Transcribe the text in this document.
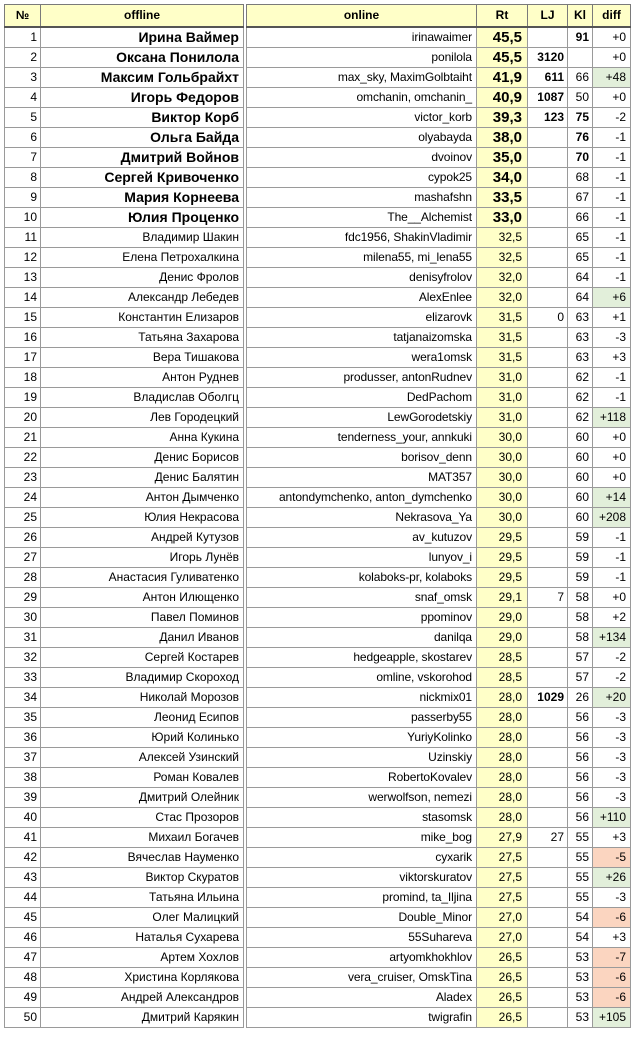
№	offline		online	Rt	LJ	Kl	diff
1	Ирина Ваймер		irinawaimer	45,5		91	+0
2	Оксана Понилола		ponilola	45,5	3120		+0
3	Максим Гольбрайхт		max_sky, MaximGolbtaiht	41,9	611	66	+48
4	Игорь Федоров		omchanin, omchanin_	40,9	1087	50	+0
5	Виктор Корб		victor_korb	39,3	123	75	-2
6	Ольга Байда		olyabayda	38,0		76	-1
7	Дмитрий Войнов		dvoinov	35,0		70	-1
8	Сергей Кривоченко		cypok25	34,0		68	-1
9	Мария Корнеева		mashafshn	33,5		67	-1
10	Юлия Проценко		The__Alchemist	33,0		66	-1
11	Владимир Шакин		fdc1956, ShakinVladimir	32,5		65	-1
12	Елена Петрохалкина		milena55, mi_lena55	32,5		65	-1
13	Денис Фролов		denisyfrolov	32,0		64	-1
14	Александр Лебедев		AlexEnlee	32,0		64	+6
15	Константин Елизаров		elizarovk	31,5	0	63	+1
16	Татьяна Захарова		tatjanaizomska	31,5		63	-3
17	Вера Тишакова		wera1omsk	31,5		63	+3
18	Антон Руднев		produsser, antonRudnev	31,0		62	-1
19	Владислав Оболгц		DedPachom	31,0		62	-1
20	Лев Городецкий		LewGorodetskiy	31,0		62	+118
21	Анна Кукина		tenderness_your, annkuki	30,0		60	+0
22	Денис Борисов		borisov_denn	30,0		60	+0
23	Денис Балятин		MAT357	30,0		60	+0
24	Антон Дымченко		antondymchenko, anton_dymchenko	30,0		60	+14
25	Юлия Некрасова		Nekrasova_Ya	30,0		60	+208
26	Андрей Кутузов		av_kutuzov	29,5		59	-1
27	Игорь Лунёв		lunyov_i	29,5		59	-1
28	Анастасия Гуливатенко		kolaboks-pr, kolaboks	29,5		59	-1
29	Антон Илющенко		snaf_omsk	29,1	7	58	+0
30	Павел Поминов		ppominov	29,0		58	+2
31	Данил Иванов		danilqa	29,0		58	+134
32	Сергей Костарев		hedgeapple, skostarev	28,5		57	-2
33	Владимир Скороход		omline, vskorohod	28,5		57	-2
34	Николай Морозов		nickmix01	28,0	1029	26	+20
35	Леонид Есипов		passerby55	28,0		56	-3
36	Юрий Колинько		YuriyKolinko	28,0		56	-3
37	Алексей Узинский		Uzinskiy	28,0		56	-3
38	Роман Ковалев		RobertoKovalev	28,0		56	-3
39	Дмитрий Олейник		werwolfson, nemezi	28,0		56	-3
40	Стас Прозоров		stasomsk	28,0		56	+110
41	Михаил Богачев		mike_bog	27,9	27	55	+3
42	Вячеслав Науменко		cyxarik	27,5		55	-5
43	Виктор Скуратов		viktorskuratov	27,5		55	+26
44	Татьяна Ильина		promind, ta_Iljina	27,5		55	-3
45	Олег Малицкий		Double_Minor	27,0		54	-6
46	Наталья Сухарева		55Suhareva	27,0		54	+3
47	Артем Хохлов		artyomkhokhlov	26,5		53	-7
48	Христина Корлякова		vera_cruiser, OmskTina	26,5		53	-6
49	Андрей Александров		Aladex	26,5		53	-6
50	Дмитрий Карякин		twigrafin	26,5		53	+105
